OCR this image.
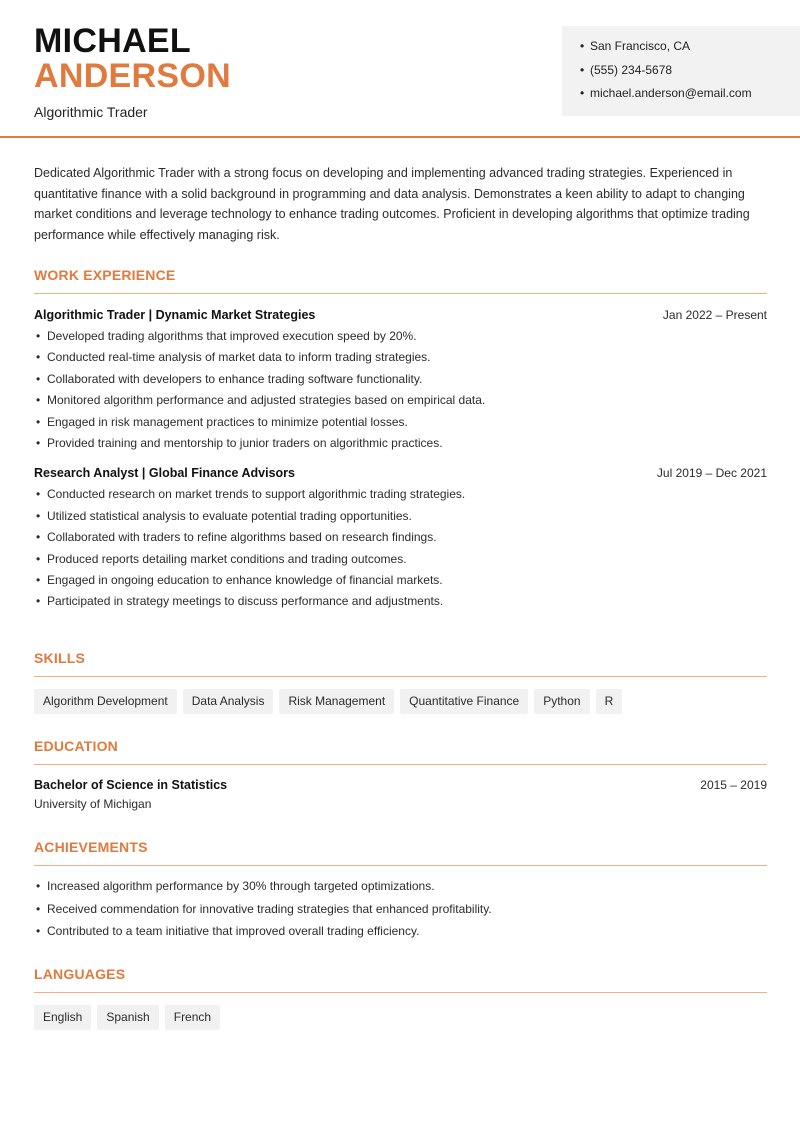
MICHAEL
ANDERSON
Algorithmic Trader
• San Francisco, CA
• (555) 234-5678
• michael.anderson@email.com

Dedicated Algorithmic Trader with a strong focus on developing and implementing advanced trading strategies. Experienced in quantitative finance with a solid background in programming and data analysis. Demonstrates a keen ability to adapt to changing market conditions and leverage technology to enhance trading outcomes. Proficient in developing algorithms that optimize trading performance while effectively managing risk.

WORK EXPERIENCE
Algorithmic Trader | Dynamic Market Strategies	Jan 2022 – Present
• Developed trading algorithms that improved execution speed by 20%.
• Conducted real-time analysis of market data to inform trading strategies.
• Collaborated with developers to enhance trading software functionality.
• Monitored algorithm performance and adjusted strategies based on empirical data.
• Engaged in risk management practices to minimize potential losses.
• Provided training and mentorship to junior traders on algorithmic practices.
Research Analyst | Global Finance Advisors	Jul 2019 – Dec 2021
• Conducted research on market trends to support algorithmic trading strategies.
• Utilized statistical analysis to evaluate potential trading opportunities.
• Collaborated with traders to refine algorithms based on research findings.
• Produced reports detailing market conditions and trading outcomes.
• Engaged in ongoing education to enhance knowledge of financial markets.
• Participated in strategy meetings to discuss performance and adjustments.
SKILLS
Algorithm Development	Data Analysis	Risk Management	Quantitative Finance	Python	R
EDUCATION
Bachelor of Science in Statistics	2015 – 2019
University of Michigan
ACHIEVEMENTS
• Increased algorithm performance by 30% through targeted optimizations.
• Received commendation for innovative trading strategies that enhanced profitability.
• Contributed to a team initiative that improved overall trading efficiency.
LANGUAGES
English	Spanish	French
